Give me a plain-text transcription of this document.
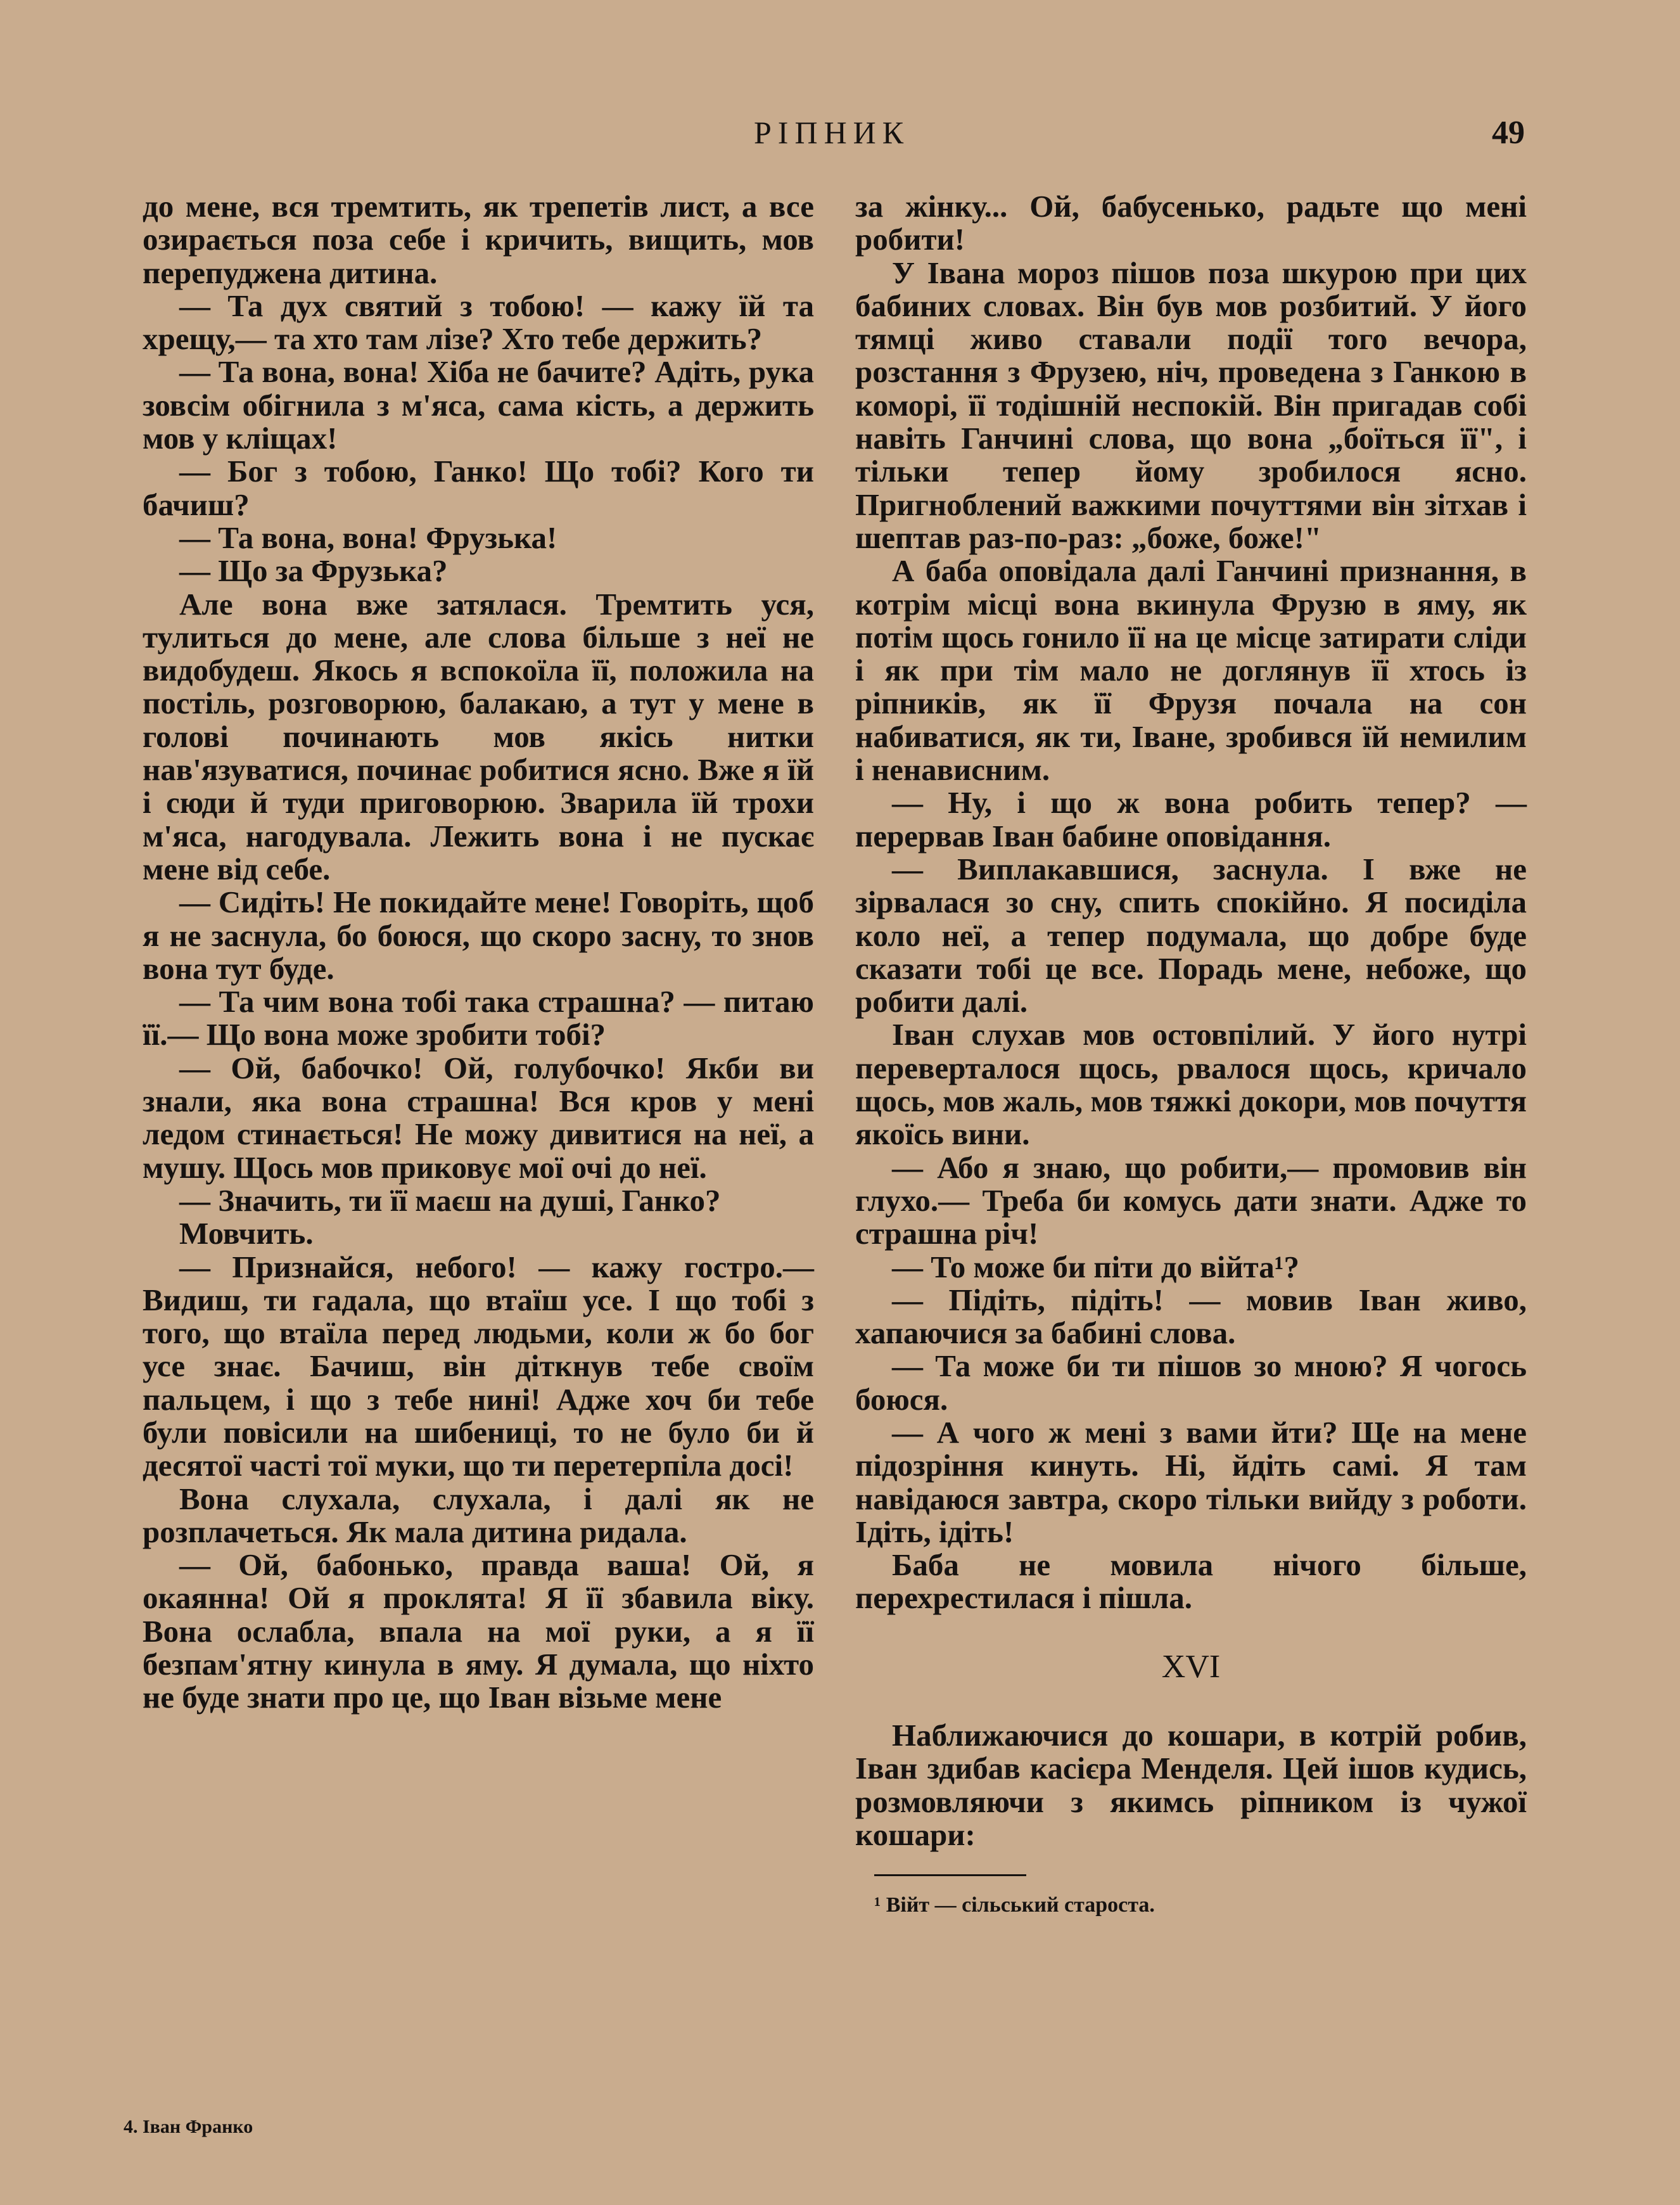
РІПНИК	49

до мене, вся тремтить, як трепетів лист, а все озирається поза себе і кричить, вищить, мов перепуджена дитина.

— Та дух святий з тобою! — кажу їй та хрещу,— та хто там лізе? Хто тебе держить?

— Та вона, вона! Хіба не бачите? Адіть, рука зовсім обігнила з м'яса, сама кість, а держить мов у кліщах!

— Бог з тобою, Ганко! Що тобі? Кого ти бачиш?

— Та вона, вона! Фрузька!

— Що за Фрузька?

Але вона вже затялася. Тремтить уся, тулиться до мене, але слова більше з неї не видобудеш. Якось я вспокоїла її, положила на постіль, розговорюю, балакаю, а тут у мене в голові починають мов якісь нитки нав'язуватися, починає робитися ясно. Вже я їй і сюди й туди приговорюю. Зварила їй трохи м'яса, нагодувала. Лежить вона і не пускає мене від себе.

— Сидіть! Не покидайте мене! Говоріть, щоб я не заснула, бо боюся, що скоро засну, то знов вона тут буде.

— Та чим вона тобі така страшна? — питаю її.— Що вона може зробити тобі?

— Ой, бабочко! Ой, голубочко! Якби ви знали, яка вона страшна! Вся кров у мені ледом стинається! Не можу дивитися на неї, а мушу. Щось мов приковує мої очі до неї.

— Значить, ти її маєш на душі, Ганко?

Мовчить.

— Признайся, небого! — кажу гостро.— Видиш, ти гадала, що втаїш усе. І що тобі з того, що втаїла перед людьми, коли ж бо бог усе знає. Бачиш, він діткнув тебе своїм пальцем, і що з тебе нині! Адже хоч би тебе були повісили на шибениці, то не було би й десятої часті тої муки, що ти перетерпіла досі!

Вона слухала, слухала, і далі як не розплачеться. Як мала дитина ридала.

— Ой, бабонько, правда ваша! Ой, я окаянна! Ой я проклята! Я її збавила віку. Вона ослабла, впала на мої руки, а я її безпам'ятну кинула в яму. Я думала, що ніхто не буде знати про це, що Іван візьме мене

за жінку... Ой, бабусенько, радьте що мені робити!

У Івана мороз пішов поза шкурою при цих бабиних словах. Він був мов розбитий. У його тямці живо ставали події того вечора, розстання з Фрузею, ніч, проведена з Ганкою в коморі, її тодішній неспокій. Він пригадав собі навіть Ганчині слова, що вона „боїться її", і тільки тепер йому зробилося ясно. Пригноблений важкими почуттями він зітхав і шептав раз-по-раз: „боже, боже!"

А баба оповідала далі Ганчині признання, в котрім місці вона вкинула Фрузю в яму, як потім щось гонило її на це місце затирати сліди і як при тім мало не доглянув її хтось із ріпників, як її Фрузя почала на сон набиватися, як ти, Іване, зробився їй немилим і ненависним.

— Ну, і що ж вона робить тепер? — перервав Іван бабине оповідання.

— Виплакавшися, заснула. І вже не зірвалася зо сну, спить спокійно. Я посиділа коло неї, а тепер подумала, що добре буде сказати тобі це все. Порадь мене, небоже, що робити далі.

Іван слухав мов остовпілий. У його нутрі переверталося щось, рвалося щось, кричало щось, мов жаль, мов тяжкі докори, мов почуття якоїсь вини.

— Або я знаю, що робити,— промовив він глухо.— Треба би комусь дати знати. Адже то страшна річ!

— То може би піти до війта¹?

— Підіть, підіть! — мовив Іван живо, хапаючися за бабині слова.

— Та може би ти пішов зо мною? Я чогось боюся.

— А чого ж мені з вами йти? Ще на мене підозріння кинуть. Ні, йдіть самі. Я там навідаюся завтра, скоро тільки вийду з роботи. Ідіть, ідіть!

Баба не мовила нічого більше, перехрестилася і пішла.

XVI

Наближаючися до кошари, в котрій робив, Іван здибав касієра Менделя. Цей ішов кудись, розмовляючи з якимсь ріпником із чужої кошари:

¹ Війт — сільський староста.
4. Іван Франко
